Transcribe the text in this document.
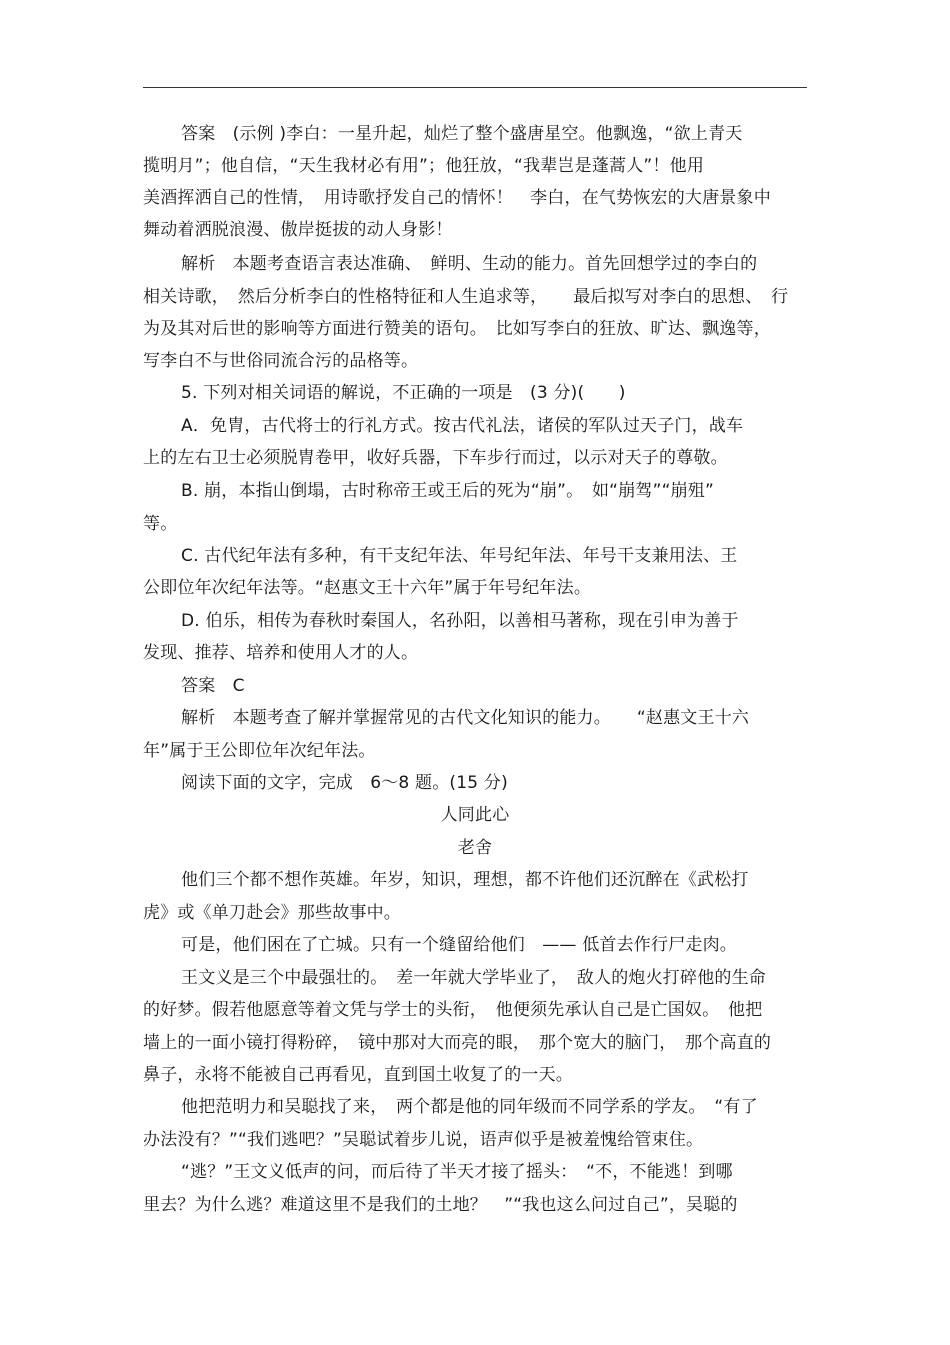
答案　(示例 )李白：一星升起，灿烂了整个盛唐星空。他飘逸，“欲上青天
揽明月”；他自信，“天生我材必有用”；他狂放，“我辈岂是蓬蒿人”！他用
美酒挥洒自己的性情，　用诗歌抒发自己的情怀！　李白，在气势恢宏的大唐景象中
舞动着洒脱浪漫、傲岸挺拔的动人身影！
解析　本题考查语言表达准确、　鲜明、生动的能力。首先回想学过的李白的
相关诗歌，　然后分析李白的性格特征和人生追求等，　　最后拟写对李白的思想、　行
为及其对后世的影响等方面进行赞美的语句。　比如写李白的狂放、旷达、飘逸等，
写李白不与世俗同流合污的品格等。
5. 下列对相关词语的解说，不正确的一项是　(3 分)(　　)
A．免胄，古代将士的行礼方式。按古代礼法，诸侯的军队过天子门，战车
上的左右卫士必须脱胄卷甲，收好兵器，下车步行而过，以示对天子的尊敬。
B. 崩，本指山倒塌，古时称帝王或王后的死为“崩”。　如“崩驾”“崩殂”
等。
C. 古代纪年法有多种，有干支纪年法、年号纪年法、年号干支兼用法、王
公即位年次纪年法等。“赵惠文王十六年”属于年号纪年法。
D. 伯乐，相传为春秋时秦国人，名孙阳，以善相马著称，现在引申为善于
发现、推荐、培养和使用人才的人。
答案　C
解析　本题考查了解并掌握常见的古代文化知识的能力。　　“赵惠文王十六
年”属于王公即位年次纪年法。
阅读下面的文字，完成　6～8 题。(15 分)
人同此心
老舍
他们三个都不想作英雄。年岁，知识，理想，都不许他们还沉醉在《武松打
虎》或《单刀赴会》那些故事中。
可是，他们困在了亡城。只有一个缝留给他们　—— 低首去作行尸走肉。
王文义是三个中最强壮的。　差一年就大学毕业了，　敌人的炮火打碎他的生命
的好梦。假若他愿意等着文凭与学士的头衔，　他便须先承认自己是亡国奴。　他把
墙上的一面小镜打得粉碎，　镜中那对大而亮的眼，　那个宽大的脑门，　那个高直的
鼻子，永将不能被自己再看见，直到国土收复了的一天。
他把范明力和吴聪找了来，　两个都是他的同年级而不同学系的学友。　“有了
办法没有？”“我们逃吧？”吴聪试着步儿说，语声似乎是被羞愧给管束住。
“逃？”王文义低声的问，而后待了半天才接了摇头：　“不，不能逃！到哪
里去？为什么逃？难道这里不是我们的土地？　”“我也这么问过自己”，吴聪的
